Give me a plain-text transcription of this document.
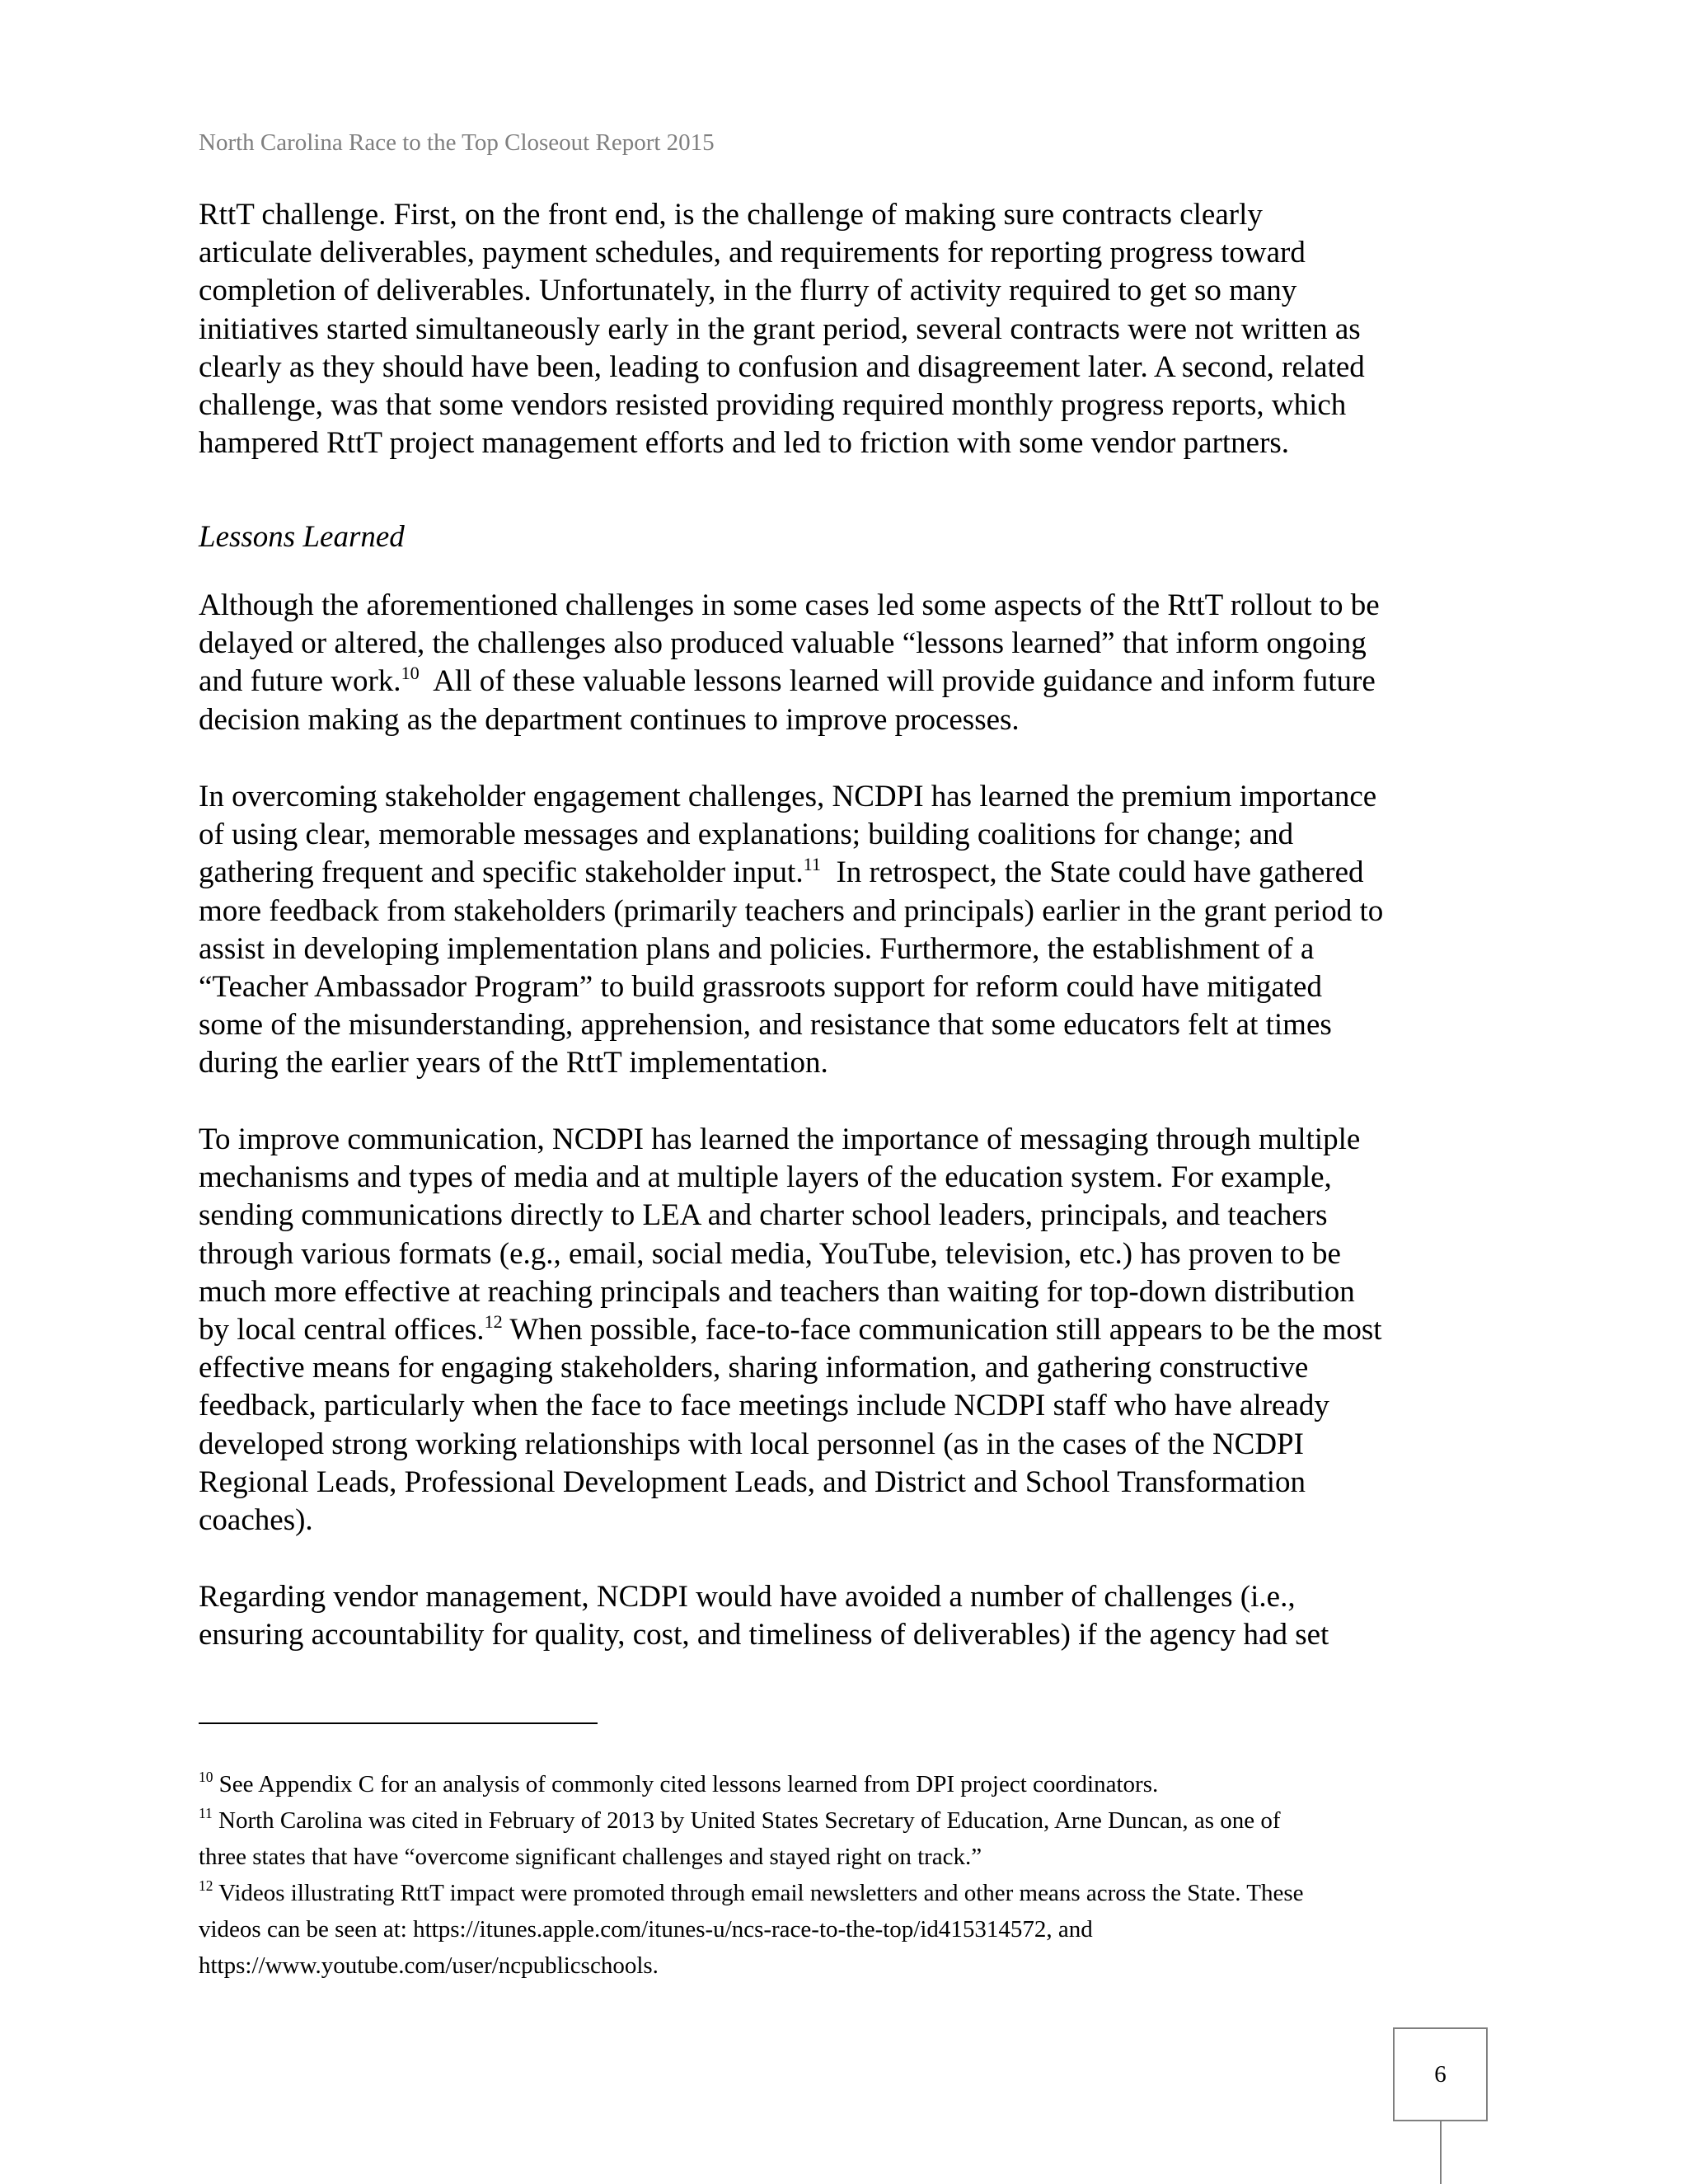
North Carolina Race to the Top Closeout Report 2015
RttT challenge. First, on the front end, is the challenge of making sure contracts clearly
articulate deliverables, payment schedules, and requirements for reporting progress toward
completion of deliverables. Unfortunately, in the flurry of activity required to get so many
initiatives started simultaneously early in the grant period, several contracts were not written as
clearly as they should have been, leading to confusion and disagreement later. A second, related
challenge, was that some vendors resisted providing required monthly progress reports, which
hampered RttT project management efforts and led to friction with some vendor partners.
Lessons Learned
Although the aforementioned challenges in some cases led some aspects of the RttT rollout to be
delayed or altered, the challenges also produced valuable “lessons learned” that inform ongoing
and future work.$^{10}$  All of these valuable lessons learned will provide guidance and inform future
decision making as the department continues to improve processes.
In overcoming stakeholder engagement challenges, NCDPI has learned the premium importance
of using clear, memorable messages and explanations; building coalitions for change; and
gathering frequent and specific stakeholder input.$^{11}$  In retrospect, the State could have gathered
more feedback from stakeholders (primarily teachers and principals) earlier in the grant period to
assist in developing implementation plans and policies. Furthermore, the establishment of a
“Teacher Ambassador Program” to build grassroots support for reform could have mitigated
some of the misunderstanding, apprehension, and resistance that some educators felt at times
during the earlier years of the RttT implementation.
To improve communication, NCDPI has learned the importance of messaging through multiple
mechanisms and types of media and at multiple layers of the education system. For example,
sending communications directly to LEA and charter school leaders, principals, and teachers
through various formats (e.g., email, social media, YouTube, television, etc.) has proven to be
much more effective at reaching principals and teachers than waiting for top-down distribution
by local central offices.$^{12}$ When possible, face-to-face communication still appears to be the most
effective means for engaging stakeholders, sharing information, and gathering constructive
feedback, particularly when the face to face meetings include NCDPI staff who have already
developed strong working relationships with local personnel (as in the cases of the NCDPI
Regional Leads, Professional Development Leads, and District and School Transformation
coaches).
Regarding vendor management, NCDPI would have avoided a number of challenges (i.e.,
ensuring accountability for quality, cost, and timeliness of deliverables) if the agency had set
$^{10}$ See Appendix C for an analysis of commonly cited lessons learned from DPI project coordinators.
$^{11}$ North Carolina was cited in February of 2013 by United States Secretary of Education, Arne Duncan, as one of
three states that have “overcome significant challenges and stayed right on track.”
$^{12}$ Videos illustrating RttT impact were promoted through email newsletters and other means across the State. These
videos can be seen at: https://itunes.apple.com/itunes-u/ncs-race-to-the-top/id415314572, and
https://www.youtube.com/user/ncpublicschools.
6
